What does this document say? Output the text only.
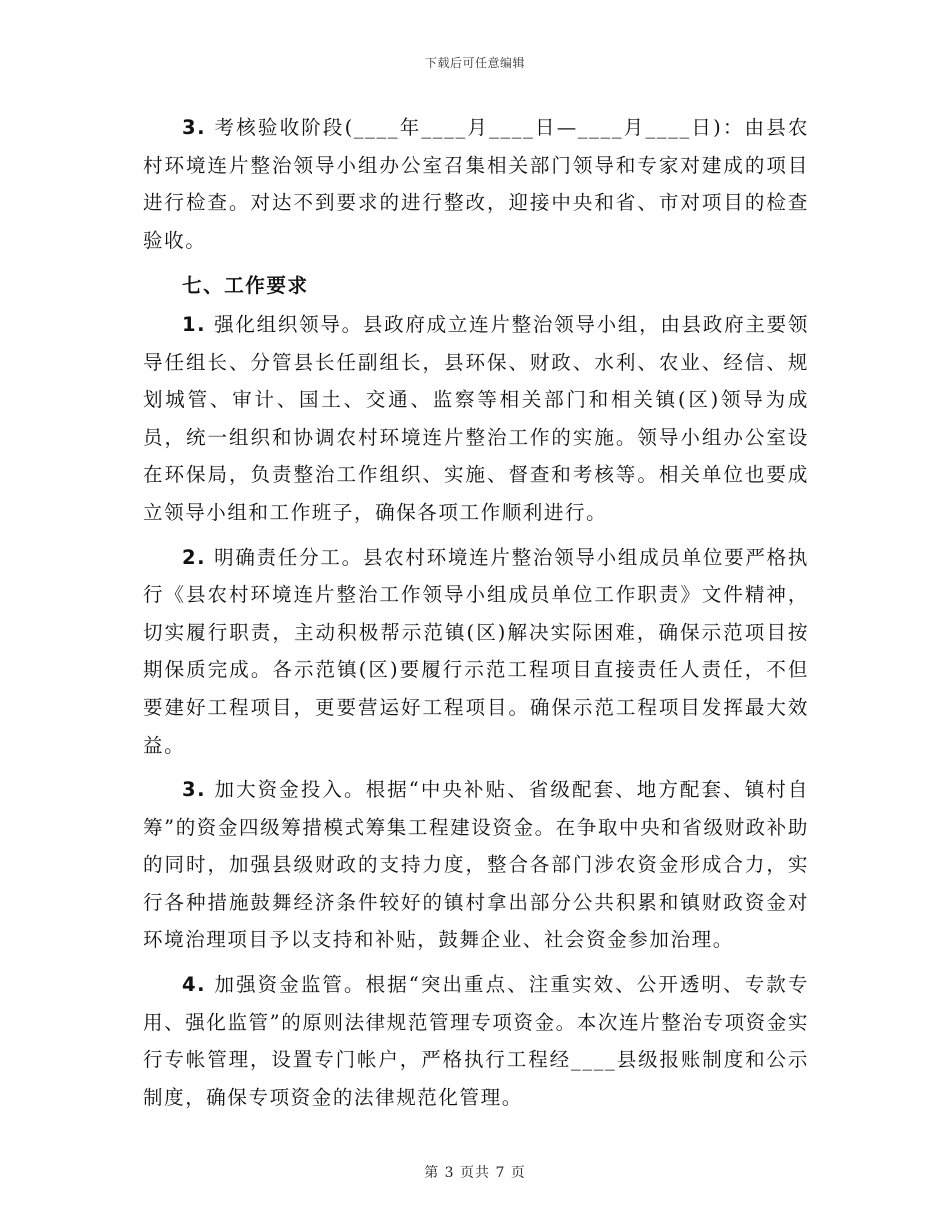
下载后可任意编辑

3. 考核验收阶段(____年____月____日—____月____日)：由县农村环境连片整治领导小组办公室召集相关部门领导和专家对建成的项目进行检查。对达不到要求的进行整改，迎接中央和省、市对项目的检查验收。

七、工作要求

1. 强化组织领导。县政府成立连片整治领导小组，由县政府主要领导任组长、分管县长任副组长，县环保、财政、水利、农业、经信、规划城管、审计、国土、交通、监察等相关部门和相关镇(区)领导为成员，统一组织和协调农村环境连片整治工作的实施。领导小组办公室设在环保局，负责整治工作组织、实施、督查和考核等。相关单位也要成立领导小组和工作班子，确保各项工作顺利进行。

2. 明确责任分工。县农村环境连片整治领导小组成员单位要严格执行《县农村环境连片整治工作领导小组成员单位工作职责》文件精神，切实履行职责，主动积极帮示范镇(区)解决实际困难，确保示范项目按期保质完成。各示范镇(区)要履行示范工程项目直接责任人责任，不但要建好工程项目，更要营运好工程项目。确保示范工程项目发挥最大效益。

3. 加大资金投入。根据“中央补贴、省级配套、地方配套、镇村自筹”的资金四级筹措模式筹集工程建设资金。在争取中央和省级财政补助的同时，加强县级财政的支持力度，整合各部门涉农资金形成合力，实行各种措施鼓舞经济条件较好的镇村拿出部分公共积累和镇财政资金对环境治理项目予以支持和补贴，鼓舞企业、社会资金参加治理。

4. 加强资金监管。根据“突出重点、注重实效、公开透明、专款专用、强化监管”的原则法律规范管理专项资金。本次连片整治专项资金实行专帐管理，设置专门帐户，严格执行工程经____县级报账制度和公示制度，确保专项资金的法律规范化管理。

第 3 页共 7 页
